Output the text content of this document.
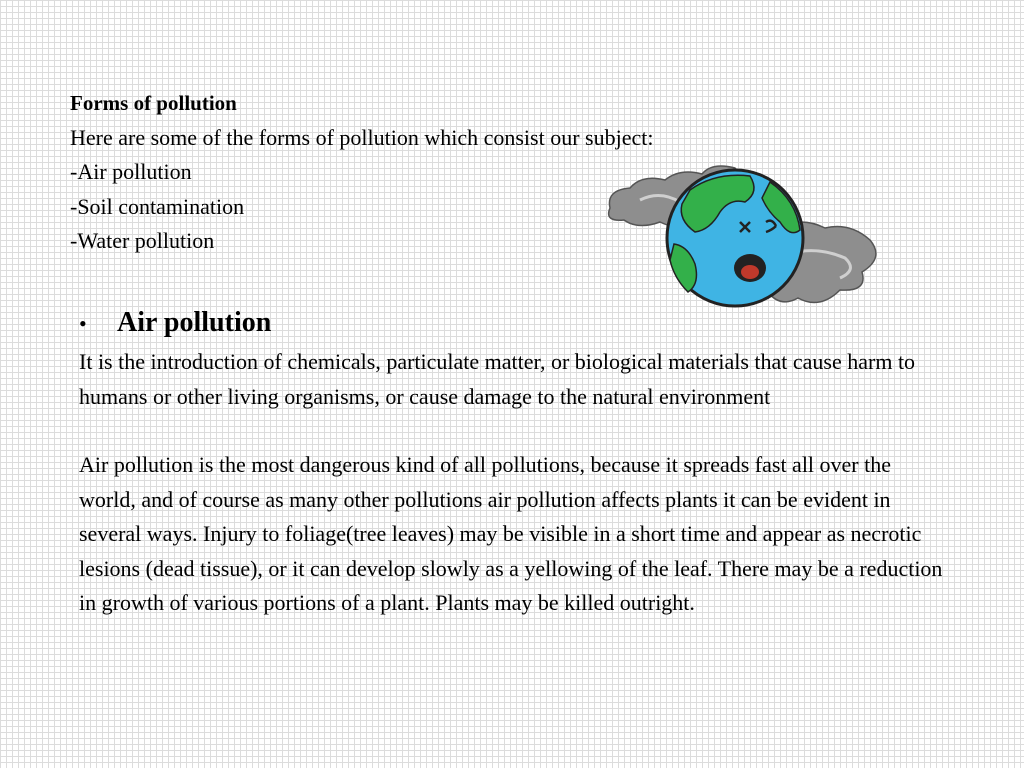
Forms of pollution
Here are some of the forms of pollution which consist our subject:
-Air pollution
-Soil contamination
-Water pollution
•	Air pollution

It is the introduction of chemicals, particulate matter, or biological materials that cause harm to humans or other living organisms, or cause damage to the natural environment

Air pollution is the most dangerous kind of all pollutions, because it spreads fast all over the world, and of course as many other pollutions air pollution affects plants it can be evident in several ways. Injury to foliage(tree leaves) may be visible in a short time and appear as necrotic lesions (dead tissue), or it can develop slowly as a yellowing of the leaf. There may be a reduction in growth of various portions of a plant. Plants may be killed outright.
